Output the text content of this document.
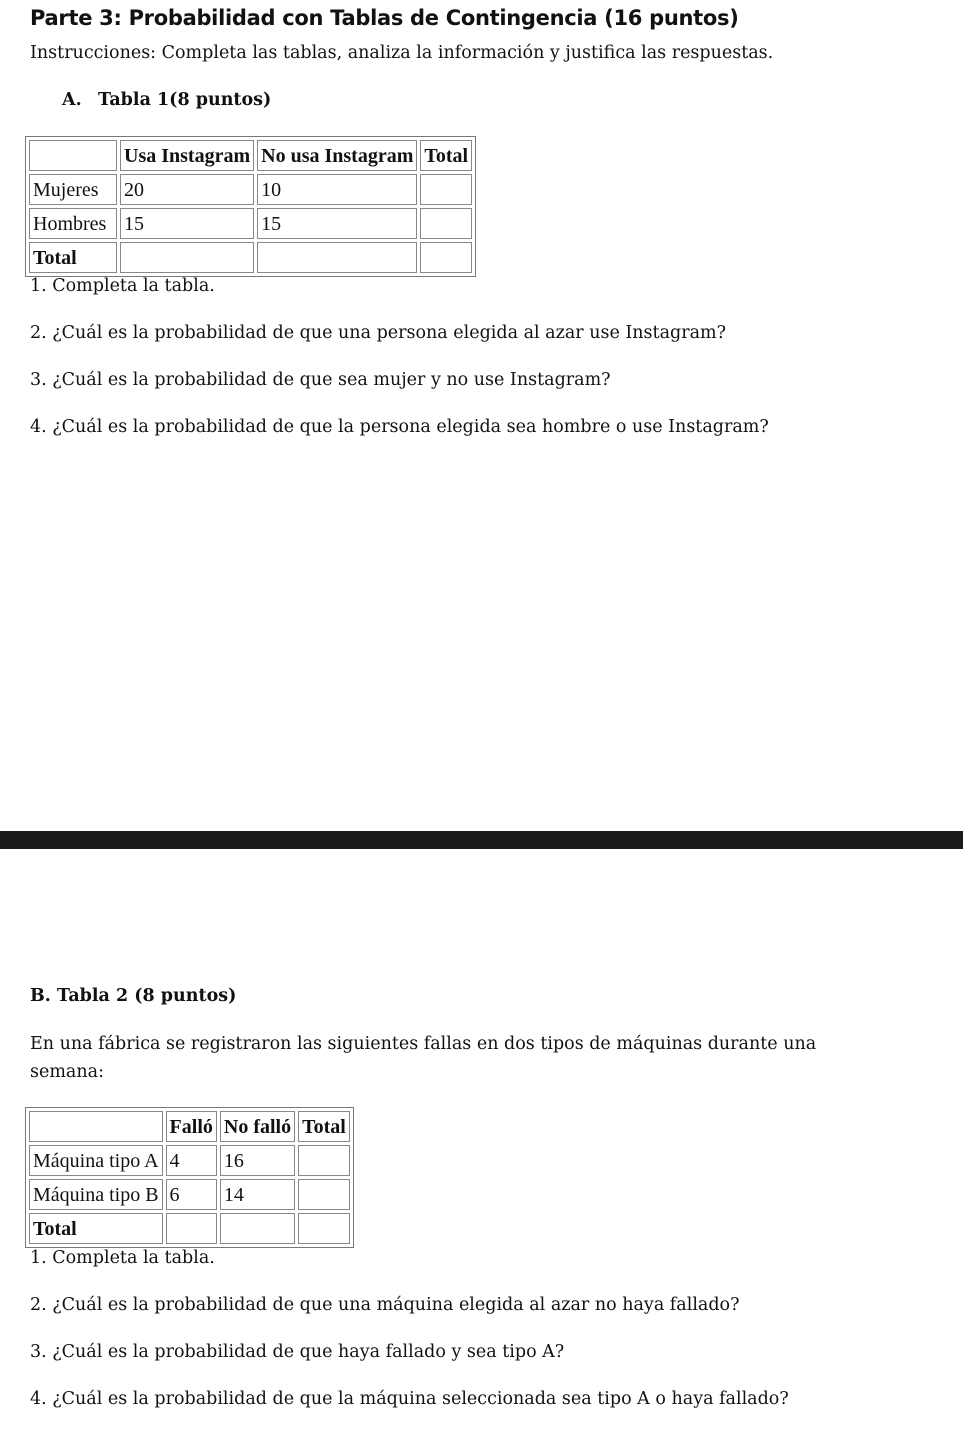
Parte 3: Probabilidad con Tablas de Contingencia (16 puntos)
Instrucciones: Completa las tablas, analiza la información y justifica las respuestas.
A. Tabla 1(8 puntos)
	Usa Instagram	No usa Instagram	Total
Mujeres	20	10	
Hombres	15	15	
Total			
1. Completa la tabla.
2. ¿Cuál es la probabilidad de que una persona elegida al azar use Instagram?
3. ¿Cuál es la probabilidad de que sea mujer y no use Instagram?
4. ¿Cuál es la probabilidad de que la persona elegida sea hombre o use Instagram?
B. Tabla 2 (8 puntos)
En una fábrica se registraron las siguientes fallas en dos tipos de máquinas durante una
semana:
	Falló	No falló	Total
Máquina tipo A	4	16	
Máquina tipo B	6	14	
Total			
1. Completa la tabla.
2. ¿Cuál es la probabilidad de que una máquina elegida al azar no haya fallado?
3. ¿Cuál es la probabilidad de que haya fallado y sea tipo A?
4. ¿Cuál es la probabilidad de que la máquina seleccionada sea tipo A o haya fallado?
